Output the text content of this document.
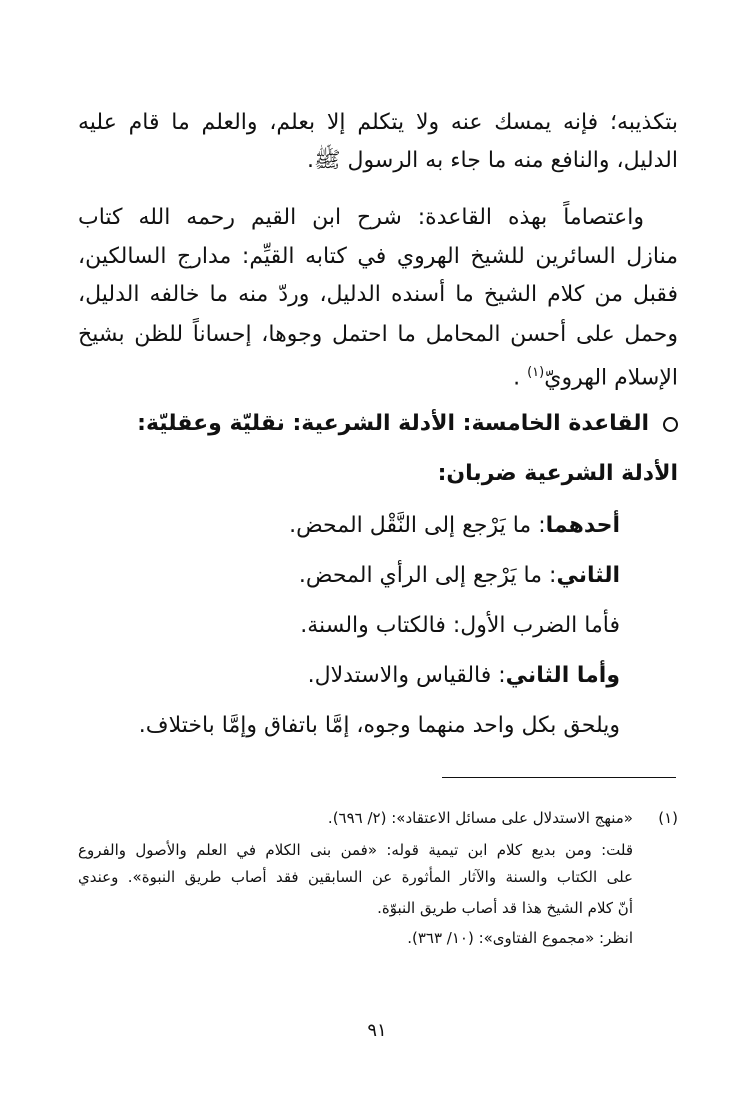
بتكذيبه؛ فإنه يمسك عنه ولا يتكلم إلا بعلم، والعلم ما قام عليه
الدليل، والنافع منه ما جاء به الرسول ﷺ.
واعتصاماً بهذه القاعدة: شرح ابن القيم رحمه الله كتاب
منازل السائرين للشيخ الهروي في كتابه القيِّم: مدارج السالكين،
فقبل من كلام الشيخ ما أسنده الدليل، وردّ منه ما خالفه الدليل،
وحمل على أحسن المحامل ما احتمل وجوها، إحساناً للظن بشيخ
الإسلام الهرويّ$^{(١)}$ .
القاعدة الخامسة: الأدلة الشرعية: نقليّة وعقليّة:
الأدلة الشرعية ضربان:
أحدهما: ما يَرْجع إلى النَّقْل المحض.
الثاني: ما يَرْجع إلى الرأي المحض.
فأما الضرب الأول: فالكتاب والسنة.
وأما الثاني: فالقياس والاستدلال.
ويلحق بكل واحد منهما وجوه، إمَّا باتفاق وإمَّا باختلاف.
(١)
«منهج الاستدلال على مسائل الاعتقاد»: (٢/ ٦٩٦).
قلت: ومن بديع كلام ابن تيمية قوله: «فمن بنى الكلام في العلم والأصول والفروع
على الكتاب والسنة والآثار المأثورة عن السابقين فقد أصاب طريق النبوة». وعندي
أنّ كلام الشيخ هذا قد أصاب طريق النبوّة.
انظر: «مجموع الفتاوى»: (١٠/ ٣٦٣).
٩١
